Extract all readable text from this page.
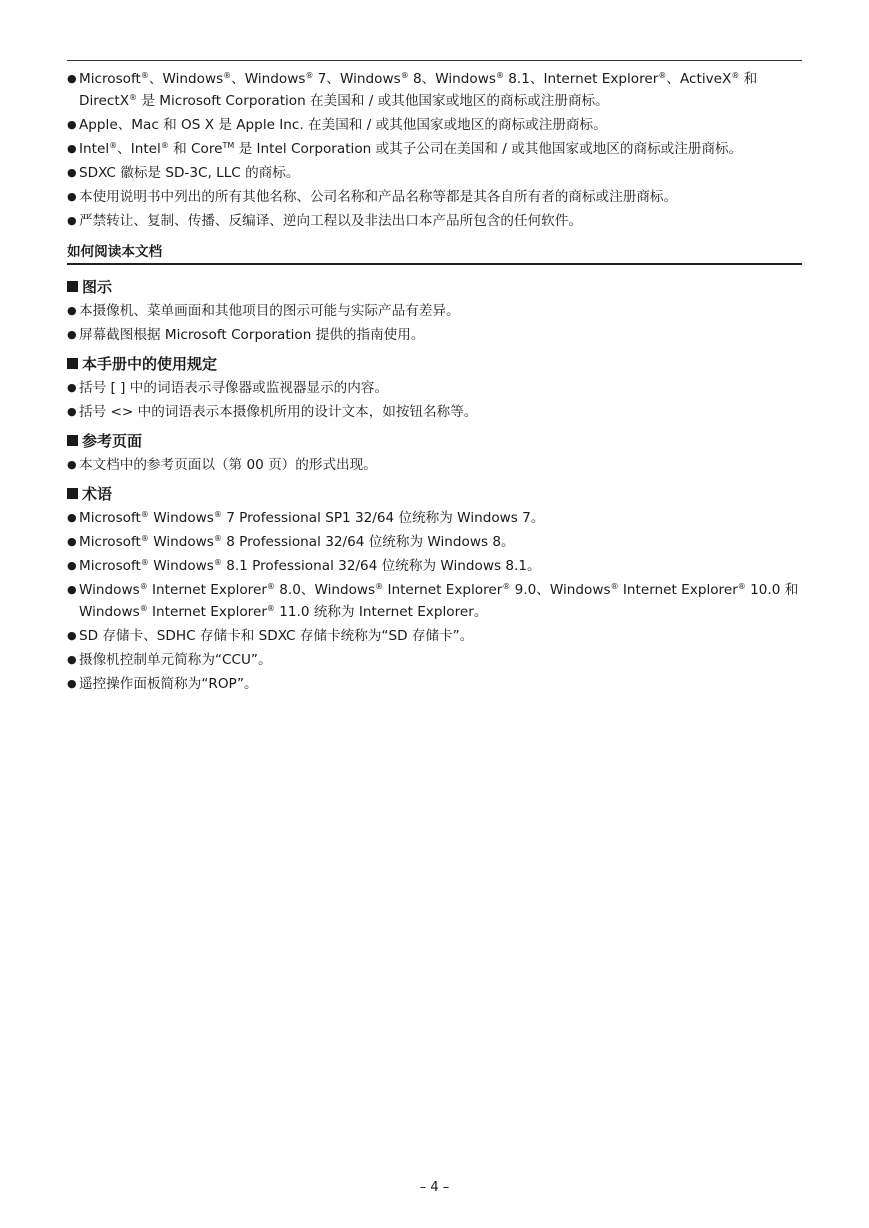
● Microsoft®、Windows®、Windows® 7、Windows® 8、Windows® 8.1、Internet Explorer®、ActiveX® 和 DirectX® 是 Microsoft Corporation 在美国和 / 或其他国家或地区的商标或注册商标。
● Apple、Mac 和 OS X 是 Apple Inc. 在美国和 / 或其他国家或地区的商标或注册商标。
● Intel®、Intel® 和 Core™ 是 Intel Corporation 或其子公司在美国和 / 或其他国家或地区的商标或注册商标。
● SDXC 徽标是 SD-3C, LLC 的商标。
● 本使用说明书中列出的所有其他名称、公司名称和产品名称等都是其各自所有者的商标或注册商标。
● 严禁转让、复制、传播、反编译、逆向工程以及非法出口本产品所包含的任何软件。
如何阅读本文档
图示
● 本摄像机、菜单画面和其他项目的图示可能与实际产品有差异。
● 屏幕截图根据 Microsoft Corporation 提供的指南使用。
本手册中的使用规定
● 括号 [ ] 中的词语表示寻像器或监视器显示的内容。
● 括号 <> 中的词语表示本摄像机所用的设计文本，如按钮名称等。
参考页面
● 本文档中的参考页面以（第 00 页）的形式出现。
术语
● Microsoft® Windows® 7 Professional SP1 32/64 位统称为 Windows 7。
● Microsoft® Windows® 8 Professional 32/64 位统称为 Windows 8。
● Microsoft® Windows® 8.1 Professional 32/64 位统称为 Windows 8.1。
● Windows® Internet Explorer® 8.0、Windows® Internet Explorer® 9.0、Windows® Internet Explorer® 10.0 和 Windows® Internet Explorer® 11.0 统称为 Internet Explorer。
● SD 存储卡、SDHC 存储卡和 SDXC 存储卡统称为“SD 存储卡”。
● 摄像机控制单元简称为“CCU”。
● 遥控操作面板简称为“ROP”。
– 4 –
